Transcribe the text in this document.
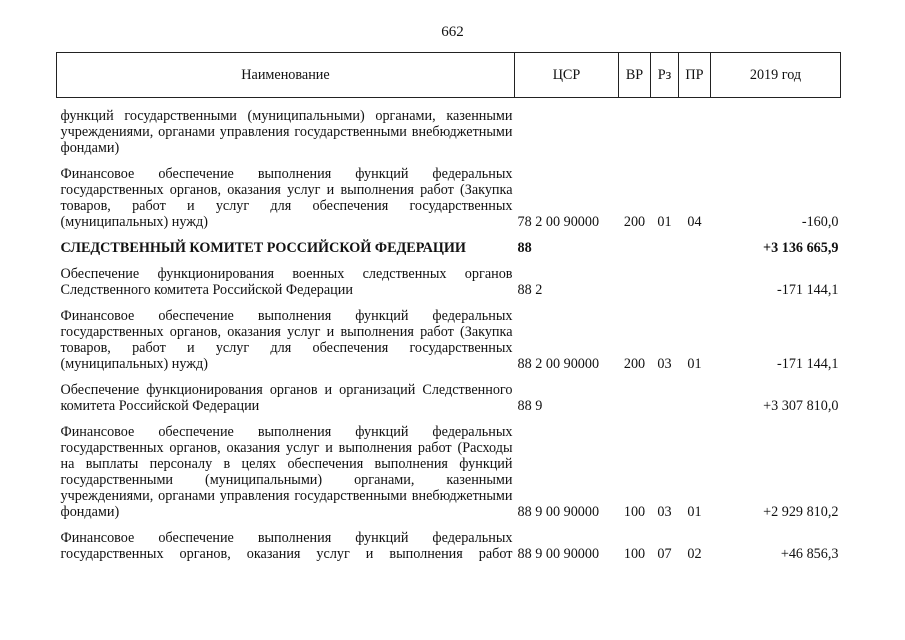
662
Наименование	ЦСР	ВР	Рз	ПР	2019 год

функций государственными (муниципальными) органами, казенными учреждениями, органами управления государственными внебюджетными фондами)					

Финансовое обеспечение выполнения функций федеральных государственных органов, оказания услуг и выполнения работ (Закупка товаров, работ и услуг для обеспечения государственных (муниципальных) нужд)	78 2 00 90000	200	01	04	-160,0

СЛЕДСТВЕННЫЙ КОМИТЕТ РОССИЙСКОЙ ФЕДЕРАЦИИ	88				+3 136 665,9

Обеспечение функционирования военных следственных органов Следственного комитета Российской Федерации	88 2				-171 144,1

Финансовое обеспечение выполнения функций федеральных государственных органов, оказания услуг и выполнения работ (Закупка товаров, работ и услуг для обеспечения государственных (муниципальных) нужд)	88 2 00 90000	200	03	01	-171 144,1

Обеспечение функционирования органов и организаций Следственного комитета Российской Федерации	88 9				+3 307 810,0

Финансовое обеспечение выполнения функций федеральных государственных органов, оказания услуг и выполнения работ (Расходы на выплаты персоналу в целях обеспечения выполнения функций государственными (муниципальными) органами, казенными учреждениями, органами управления государственными внебюджетными фондами)	88 9 00 90000	100	03	01	+2 929 810,2

Финансовое обеспечение выполнения функций федеральных государственных органов, оказания услуг и выполнения работ	88 9 00 90000	100	07	02	+46 856,3
